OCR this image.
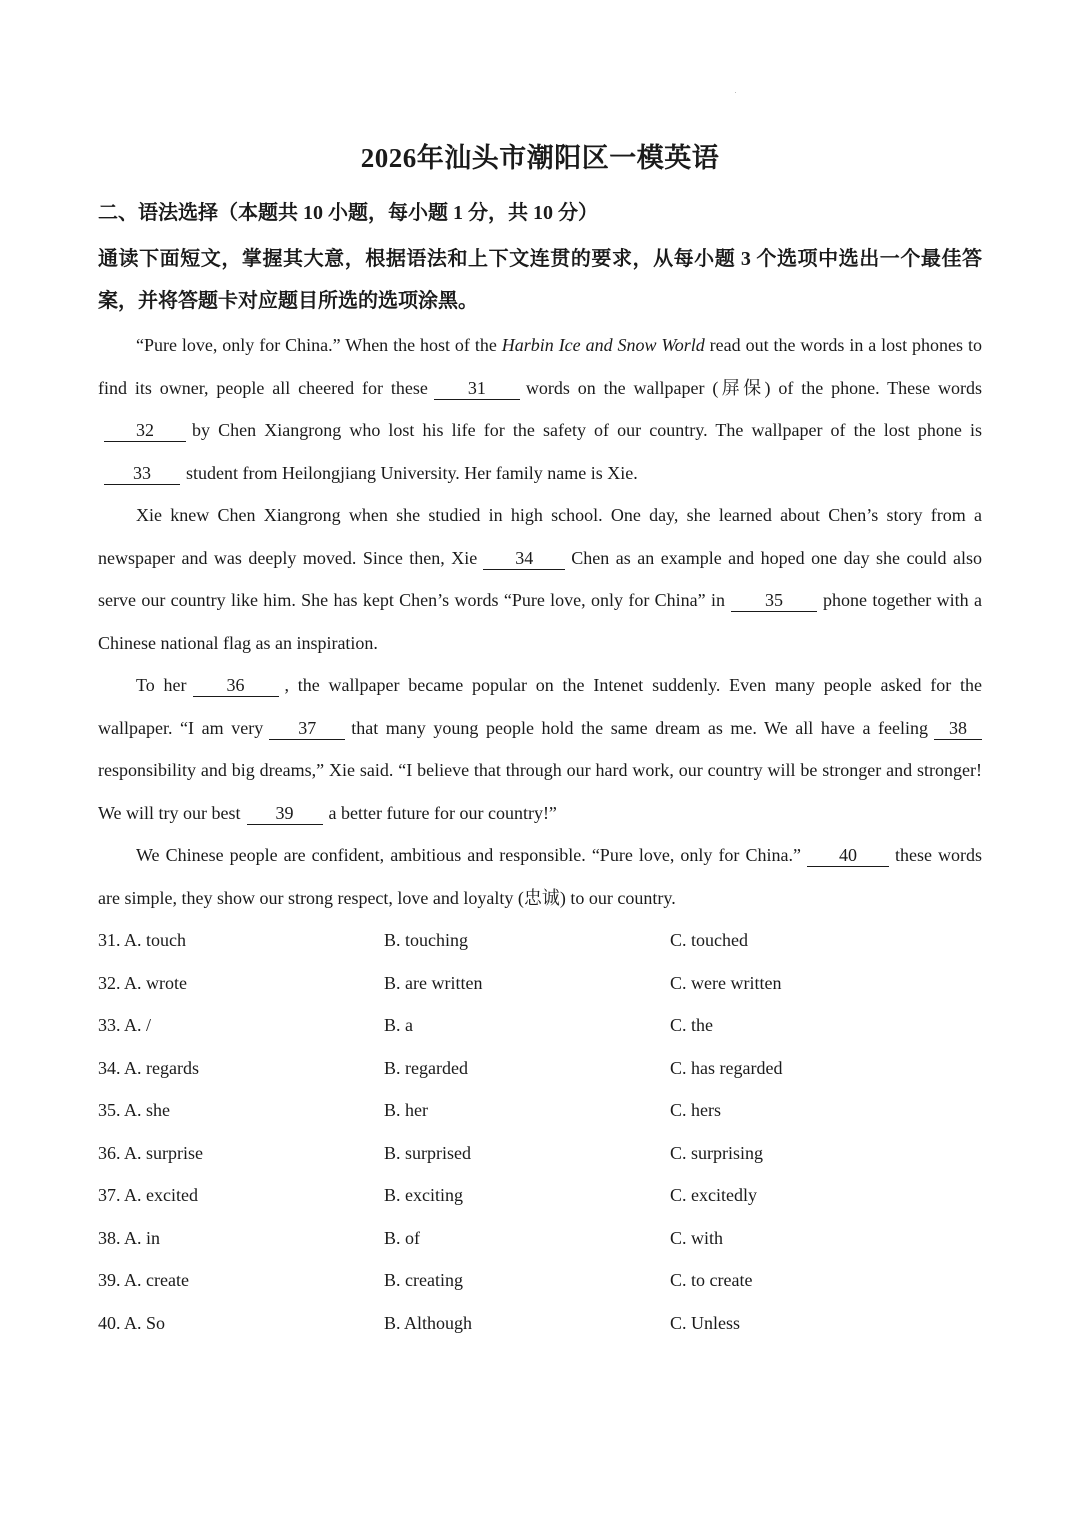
2026年汕头市潮阳区一模英语
二、语法选择（本题共 10 小题，每小题 1 分，共 10 分）
通读下面短文，掌握其大意，根据语法和上下文连贯的要求，从每小题 3 个选项中选出一个最佳答案，并将答题卡对应题目所选的选项涂黑。

“Pure love, only for China.” When the host of the Harbin Ice and Snow World read out the words in a lost phones to find its owner, people all cheered for these 31 words on the wallpaper (屏保) of the phone. These words32 by Chen Xiangrong who lost his life for the safety of our country. The wallpaper of the lost phone is33 student from Heilongjiang University. Her family name is Xie.

Xie knew Chen Xiangrong when she studied in high school. One day, she learned about Chen’s story from a newspaper and was deeply moved. Since then, Xie 34 Chen as an example and hoped one day she could also serve our country like him. She has kept Chen’s words “Pure love, only for China” in 35 phone together with a Chinese national flag as an inspiration.

To her 36 , the wallpaper became popular on the Intenet suddenly. Even many people asked for the wallpaper. “I am very 37 that many young people hold the same dream as me. We all have a feeling 38 responsibility and big dreams,” Xie said. “I believe that through our hard work, our country will be stronger and stronger! We will try our best 39 a better future for our country!”

We Chinese people are confident, ambitious and responsible. “Pure love, only for China.” 40 these words are simple, they show our strong respect, love and loyalty (忠诚) to our country.

31. A. touch	B. touching	C. touched
32. A. wrote	B. are written	C. were written
33. A. /	B. a	C. the
34. A. regards	B. regarded	C. has regarded
35. A. she	B. her	C. hers
36. A. surprise	B. surprised	C. surprising
37. A. excited	B. exciting	C. excitedly
38. A. in	B. of	C. with
39. A. create	B. creating	C. to create
40. A. So	B. Although	C. Unless
